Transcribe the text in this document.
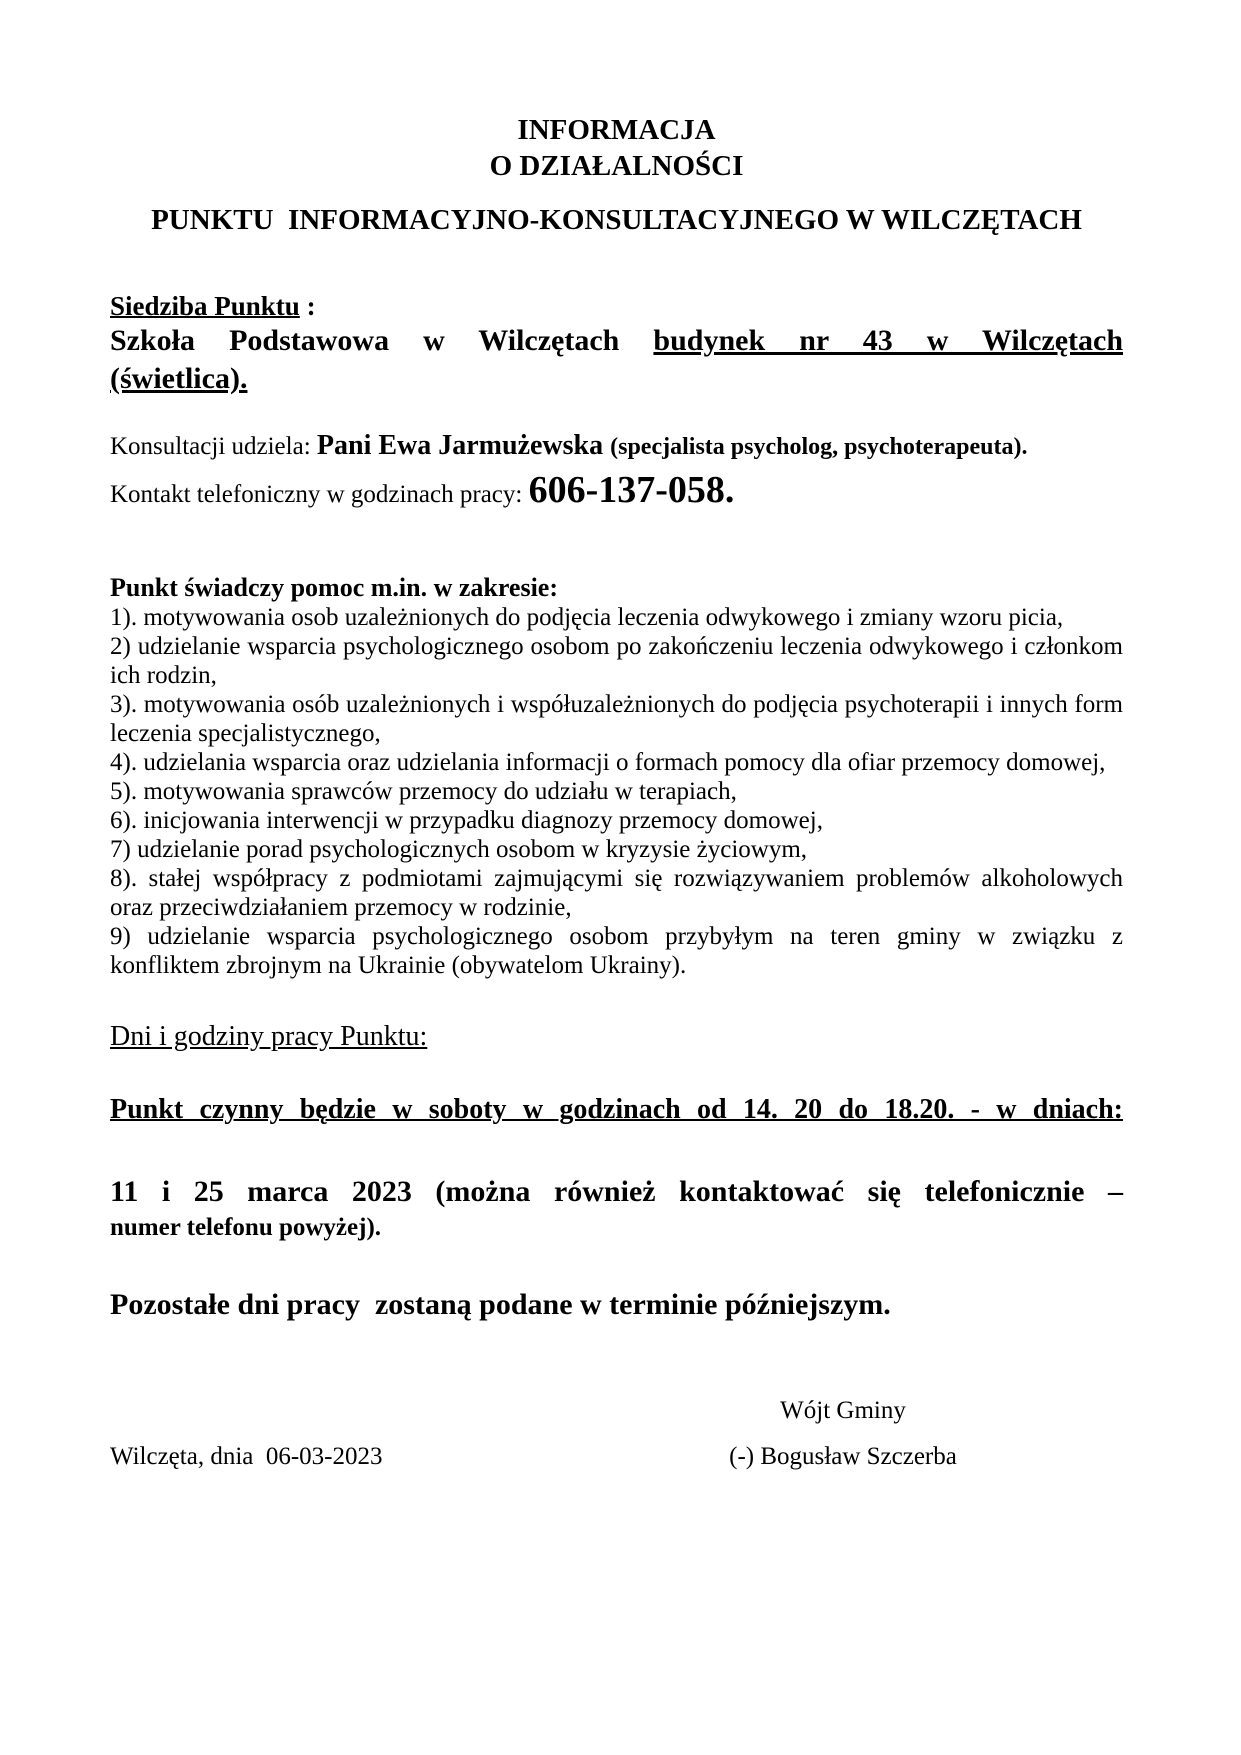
INFORMACJA
O DZIAŁALNOŚCI
PUNKTU  INFORMACYJNO-KONSULTACYJNEGO W WILCZĘTACH

Siedziba Punktu :

Szkoła Podstawowa w Wilczętach budynek nr 43 w Wilczętach

(świetlica).

Konsultacji udziela: Pani Ewa Jarmużewska (specjalista psycholog, psychoterapeuta).

Kontakt telefoniczny w godzinach pracy: 606-137-058.

Punkt świadczy pomoc m.in. w zakresie:

1). motywowania osob uzależnionych do podjęcia leczenia odwykowego i zmiany wzoru picia,

2) udzielanie wsparcia psychologicznego osobom po zakończeniu leczenia odwykowego i członkom ich rodzin,

3). motywowania osób uzależnionych i współuzależnionych do podjęcia psychoterapii i innych form leczenia specjalistycznego,

4). udzielania wsparcia oraz udzielania informacji o formach pomocy dla ofiar przemocy domowej,

5). motywowania sprawców przemocy do udziału w terapiach,

6). inicjowania interwencji w przypadku diagnozy przemocy domowej,

7) udzielanie porad psychologicznych osobom w kryzysie życiowym,

8). stałej współpracy z podmiotami zajmującymi się rozwiązywaniem problemów alkoholowych oraz przeciwdziałaniem przemocy w rodzinie,

9) udzielanie wsparcia psychologicznego osobom przybyłym na teren gminy w związku z konfliktem zbrojnym na Ukrainie (obywatelom Ukrainy).

Dni i godziny pracy Punktu:

Punkt czynny będzie w soboty w godzinach od 14. 20 do 18.20. - w dniach:

11 i 25 marca 2023 (można również kontaktować się telefonicznie –

numer telefonu powyżej).

Pozostałe dni pracy  zostaną podane w terminie późniejszym.

Wójt Gminy
Wilczęta, dnia  06-03-2023	(-) Bogusław Szczerba
